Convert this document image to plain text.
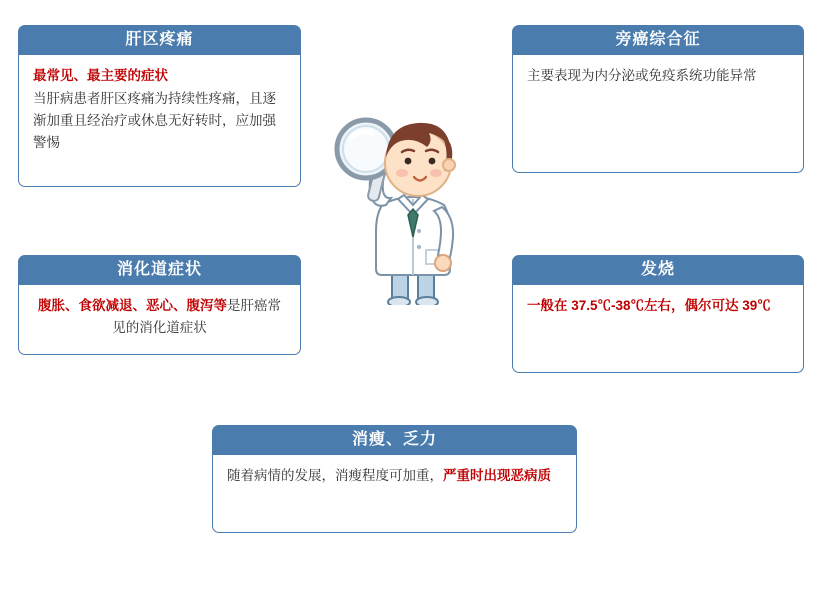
肝区疼痛
最常见、最主要的症状
当肝病患者肝区疼痛为持续性疼痛，且逐渐加重且经治疗或休息无好转时，应加强警惕
旁癌综合征
主要表现为内分泌或免疫系统功能异常
消化道症状
腹胀、食欲减退、恶心、腹泻等是肝癌常见的消化道症状
发烧
一般在 37.5℃-38℃左右，偶尔可达 39℃
消瘦、乏力
随着病情的发展，消瘦程度可加重，严重时出现恶病质
